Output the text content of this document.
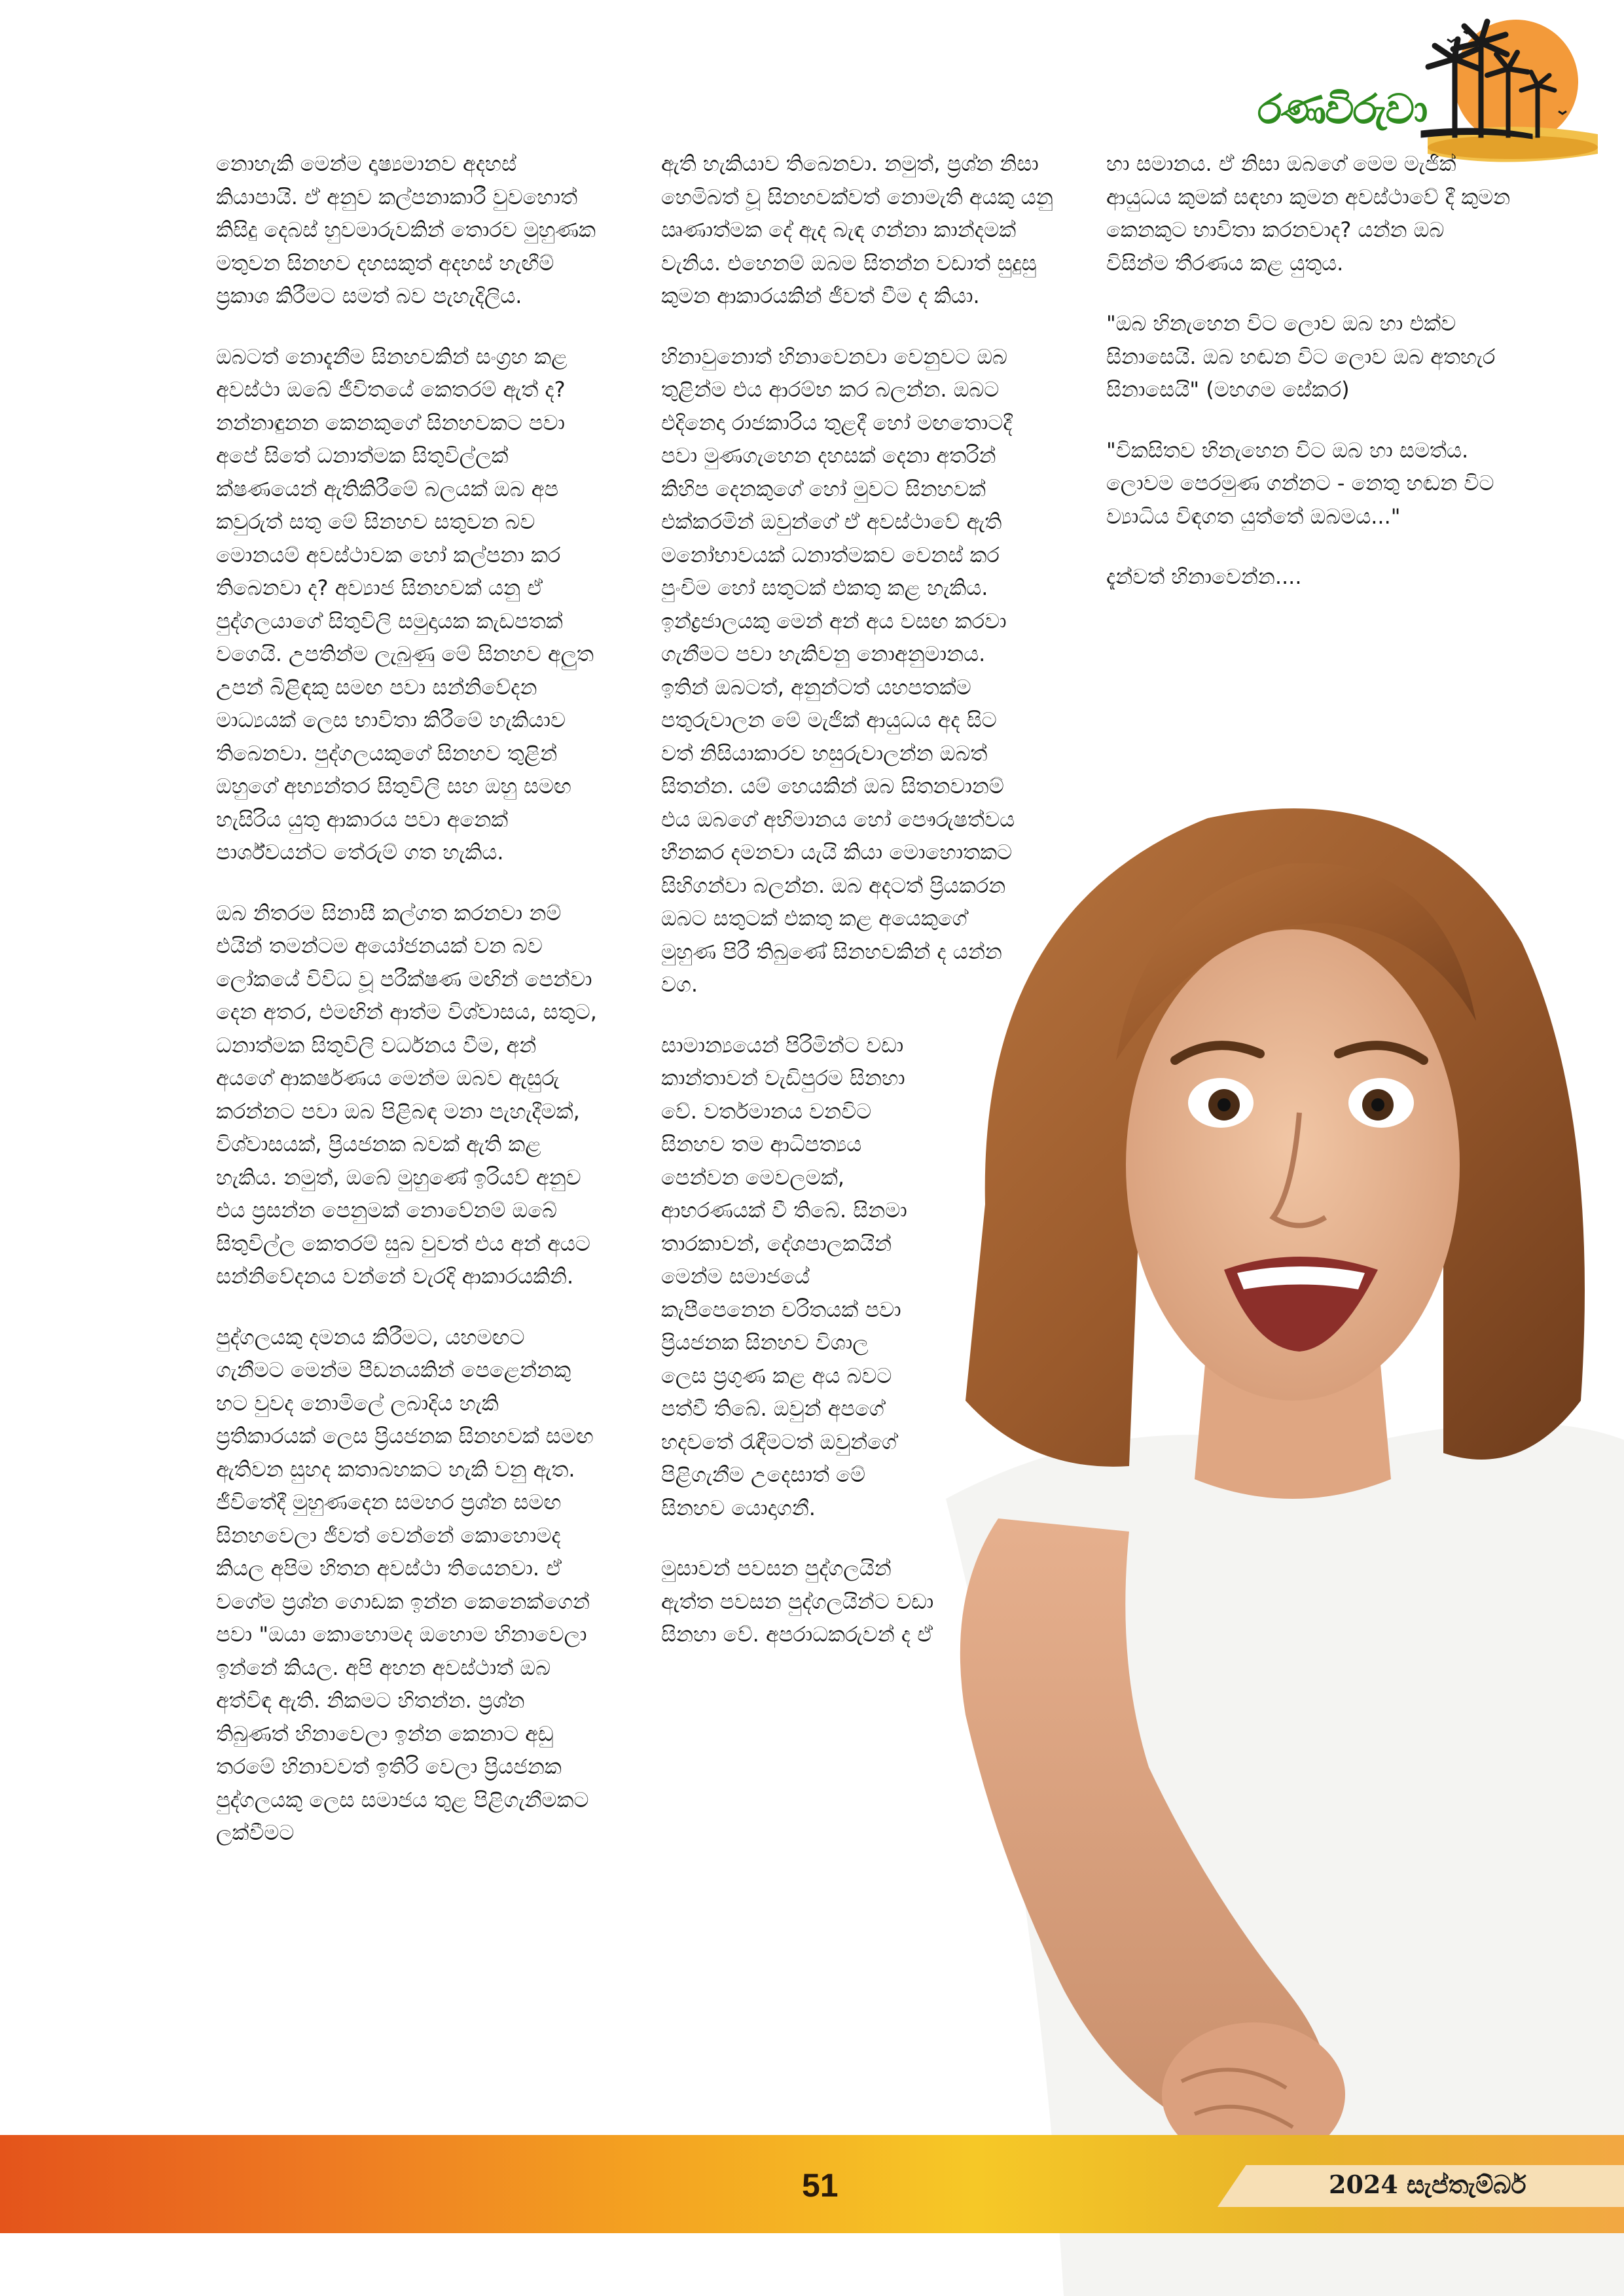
රණවිරුවා

නොහැකි මෙන්ම දෘෂ්‍යමානව අදහස් කියාපායි. ඒ අනුව කල්පනාකාරී වුවහොත් කිසිදු දෙබස් හුවමාරුවකින් තොරව මුහුණක මතුවන සිනහව දහසකුත් අදහස් හැඟීම් ප්‍රකාශ කිරීමට සමත් බව පැහැදිලිය.

ඔබටත් නොදැනීම සිනහවකින් සංග්‍රහ කළ අවස්ථා ඔබේ ජීවිතයේ කෙතරම් ඇත් ද? නන්නාඳුනන කෙනකුගේ සිනහවකට පවා අපේ සිතේ ධනාත්මක සිතුවිල්ලක් ක්ෂණයෙන් ඇතිකිරීමේ බලයක් ඔබ අප කවුරුත් සතු මේ සිනහව සතුවන බව මොනයම් අවස්ථාවක හෝ කල්පනා කර තිබෙනවා ද? අව්‍යාජ සිනහවක් යනු ඒ පුද්ගලයාගේ සිතුවිලි සමුදායක කැඩපතක් වගෙයි. උපතින්ම ලැබුණු මේ සිනහව අලුත උපන් බිළිඳකු සමඟ පවා සන්නිවේදන මාධ්‍යයක් ලෙස භාවිතා කිරීමේ හැකියාව තිබෙනවා. පුද්ගලයකුගේ සිනහව තුළින් ඔහුගේ අභ්‍යන්තර සිතුවිලි සහ ඔහු සමඟ හැසිරිය යුතු ආකාරය පවා අනෙක් පාර්ශ්වයන්ට තේරුම් ගත හැකිය.

ඔබ නිතරම සිනාසී කල්ගත කරනවා නම් එයින් තමන්ටම අයෝජනයක් වන බව ලෝකයේ විවිධ වූ පරීක්ෂණ මඟින් පෙන්වා දෙන අතර, එමඟින් ආත්ම විශ්වාසය, සතුට, ධනාත්මක සිතුවිලි වර්ධනය වීම, අන් අයගේ ආකර්ෂණය මෙන්ම ඔබව ඇසුරු කරන්නට පවා ඔබ පිළිබඳ මනා පැහැදීමක්, විශ්වාසයක්, ප්‍රියජනක බවක් ඇති කළ හැකිය. නමුත්, ඔබේ මුහුණේ ඉරියව් අනුව එය ප්‍රසන්න පෙනුමක් නොවේනම් ඔබේ සිතුවිල්ල කෙතරම් සුබ වුවත් එය අන් අයට සන්නිවේදනය වන්නේ වැරදි ආකාරයකිනි.

පුද්ගලයකු දමනය කිරීමට, යහමඟට ගැනීමට මෙන්ම පීඩනයකින් පෙළෙන්නකු හට වුවද නොමිලේ ලබාදිය හැකි ප්‍රතිකාරයක් ලෙස ප්‍රියජනක සිනහවක් සමඟ ඇතිවන සුහද කතාබහකට හැකි වනු ඇත. ජීවිතේදී මුහුණදෙන සමහර ප්‍රශ්න සමඟ සිනහවෙලා ජීවත් වෙන්නේ කොහොමද කියල අපිම හිතන අවස්ථා තියෙනවා. ඒ වගේම ප්‍රශ්න ගොඩක ඉන්න කෙනෙක්ගෙන් පවා "ඔයා කොහොමද ඔහොම හිනාවෙලා ඉන්නේ කියල. අපි අහන අවස්ථාත් ඔබ අත්විඳ ඇති. නිකමට හිතන්න. ප්‍රශ්න තිබුණත් හිනාවෙලා ඉන්න කෙනාට අඩු තරමේ හිනාවවත් ඉතිරි වෙලා ප්‍රියජනක පුද්ගලයකු ලෙස සමාජය තුළ පිළිගැනීමකට ලක්වීමට

ඇති හැකියාව තිබෙනවා. නමුත්, ප්‍රශ්න නිසා හෙමිබත් වූ සිනහවක්වත් නොමැති අයකු යනු ඍණාත්මක දේ ඇද බැඳ ගන්නා කාන්දමක් වැනිය. එහෙනම් ඔබම සිතන්න වඩාත් සුදුසු කුමන ආකාරයකින් ජීවත් වීම ද කියා.

හිනාවුනොත් හිනාවෙනවා වෙනුවට ඔබ තුළින්ම එය ආරම්භ කර බලන්න. ඔබට එදිනෙදා රාජකාරිය තුළදී හෝ මඟතොටදී පවා මුණගැහෙන දහසක් දෙනා අතරින් කිහිප දෙනකුගේ හෝ මුවට සිනහවක් එක්කරමින් ඔවුන්ගේ ඒ අවස්ථාවේ ඇති මනෝභාවයක් ධනාත්මකව වෙනස් කර පුංචිම හෝ සතුටක් එකතු කළ හැකිය. ඉන්ද්‍රජාලයකු මෙන් අන් අය වසඟ කරවා ගැනීමට පවා හැකිවනු නොඅනුමානය. ඉතින් ඔබටත්, අනුන්ටත් යහපතක්ම පතුරුවාලන මේ මැජික් ආයුධය අද සිට වත් නිසියාකාරව හසුරුවාලන්න ඔබත් සිතන්න. යම් හෙයකින් ඔබ සිතනවානම් එය ඔබගේ අභිමානය හෝ පෞරුෂත්වය හීනකර දමනවා යැයි කියා මොහොතකට සිහිගන්වා බලන්න. ඔබ අදටත් ප්‍රියකරන ඔබට සතුටක් එකතු කළ අයෙකුගේ මුහුණ පිරී තිබුණේ සිනහවකින් ද යන්න වග.

සාමාන්‍යයෙන් පිරිමින්ට වඩා කාන්තාවන් වැඩිපුරම සිනහා වේ. වර්තමානය වනවිට සිනහව තම ආධිපත්‍යය පෙන්වන මෙවලමක්, ආභරණයක් වී තිබේ. සිනමා තාරකාවන්, දේශපාලකයින් මෙන්ම සමාජයේ කැපීපෙනෙන චරිතයක් පවා ප්‍රියජනක සිනහව විශාල ලෙස ප්‍රගුණ කළ අය බවට පත්වී තිබේ. ඔවුන් අපගේ හදවතේ රැඳීමටත් ඔවුන්ගේ පිළිගැනීම උදෙසාත් මේ සිනහව යොදාගනී.

මුසාවන් පවසන පුද්ගලයින් ඇත්ත පවසන පුද්ගලයින්ට වඩා සිනහා වේ. අපරාධකරුවන් ද ඒ

හා සමානය. ඒ නිසා ඔබගේ මෙම මැජික් ආයුධය කුමක් සඳහා කුමන අවස්ථාවේ දී කුමන කෙනකුට භාවිතා කරනවාද? යන්න ඔබ විසින්ම තීරණය කළ යුතුය.

"ඔබ හිනැහෙන විට ලොව ඔබ හා එක්ව සිනාසෙයි. ඔබ හඬන විට ලොව ඔබ අතහැර සිනාසෙයි" (මහගම සේකර)

"විකසිතව හිනැහෙන විට ඔබ හා සමත්ය. ලොවම පෙරමුණ ගන්නට - නෙතු හඬන විට ව්‍යාධිය විඳගත යුත්තේ ඔබමය..."

දැන්වත් හිනාවෙන්න....

51	2024 සැප්තැම්බර්
